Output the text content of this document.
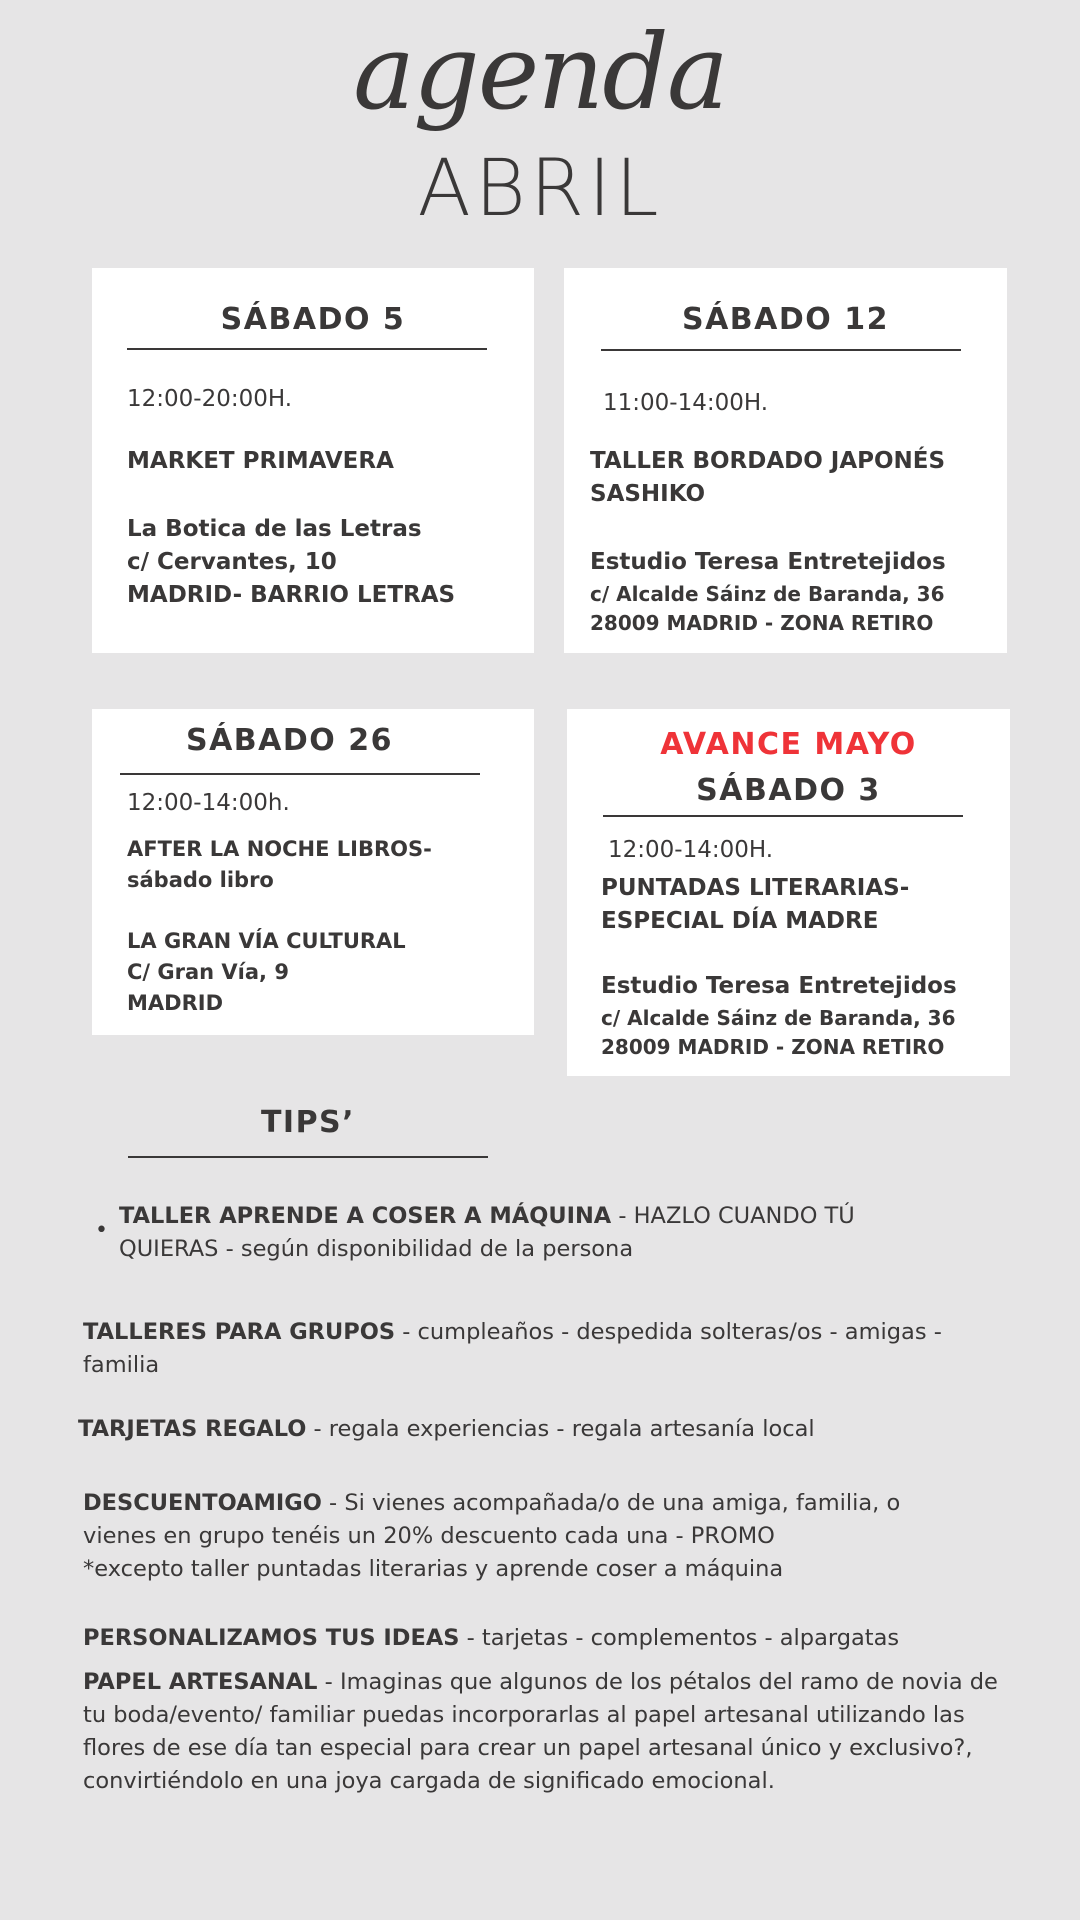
agenda
ABRIL
SÁBADO 5
12:00-20:00H.
MARKET PRIMAVERA
La Botica de las Letras
c/ Cervantes, 10
MADRID- BARRIO LETRAS
SÁBADO 12
11:00-14:00H.
TALLER BORDADO JAPONÉS
SASHIKO
Estudio Teresa Entretejidos
c/ Alcalde Sáinz de Baranda, 36
28009 MADRID - ZONA RETIRO
SÁBADO 26
12:00-14:00h.
AFTER LA NOCHE LIBROS-
sábado libro
LA GRAN VÍA CULTURAL
C/ Gran Vía, 9
MADRID
AVANCE MAYO
SÁBADO 3
12:00-14:00H.
PUNTADAS LITERARIAS-
ESPECIAL DÍA MADRE
Estudio Teresa Entretejidos
c/ Alcalde Sáinz de Baranda, 36
28009 MADRID - ZONA RETIRO
TIPS’
•
TALLER APRENDE A COSER A MÁQUINA - HAZLO CUANDO TÚ QUIERAS - según disponibilidad de la persona
TALLERES PARA GRUPOS - cumpleaños - despedida solteras/os - amigas - familia
TARJETAS REGALO - regala experiencias - regala artesanía local
DESCUENTOAMIGO - Si vienes acompañada/o de una amiga, familia, o vienes en grupo tenéis un 20% descuento cada una - PROMO
*excepto taller puntadas literarias y aprende coser a máquina
PERSONALIZAMOS TUS IDEAS - tarjetas - complementos - alpargatas
PAPEL ARTESANAL - Imaginas que algunos de los pétalos del ramo de novia de tu boda/evento/ familiar puedas incorporarlas al papel artesanal utilizando las flores de ese día tan especial para crear un papel artesanal único y exclusivo?, convirtiéndolo en una joya cargada de significado emocional.
